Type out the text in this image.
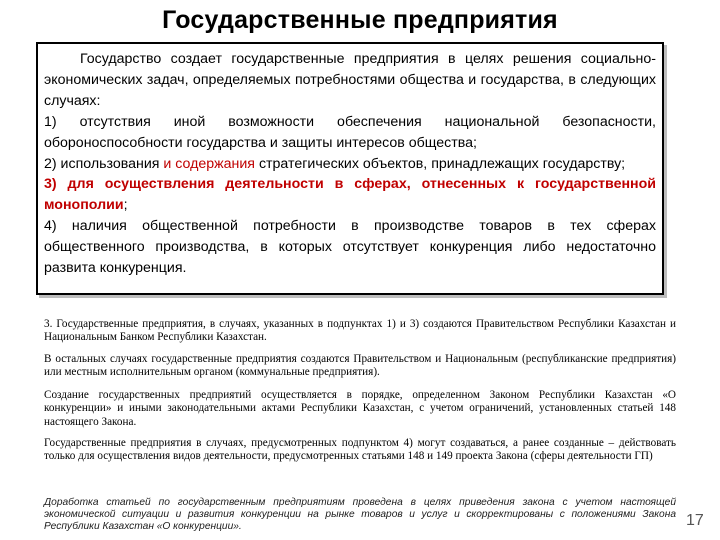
Государственные предприятия

Государство создает государственные предприятия в целях решения социально-экономических задач, определяемых потребностями общества и государства, в следующих случаях:

1) отсутствия иной возможности обеспечения национальной безопасности, обороноспособности государства и защиты интересов общества;

2) использования и содержания стратегических объектов, принадлежащих государству;

3) для осуществления деятельности в сферах, отнесенных к государственной монополии;

4) наличия общественной потребности в производстве товаров в тех сферах общественного производства, в которых отсутствует конкуренция либо недостаточно развита конкуренция.

3. Государственные предприятия, в случаях, указанных в подпунктах 1) и 3) создаются Правительством Республики Казахстан и Национальным Банком Республики Казахстан.
В остальных случаях государственные предприятия создаются Правительством и Национальным (республиканские предприятия) или местным исполнительным органом (коммунальные предприятия).
Создание государственных предприятий осуществляется в порядке, определенном Законом Республики Казахстан «О конкуренции» и иными законодательными актами Республики Казахстан, с учетом ограничений, установленных статьей 148 настоящего Закона.
Государственные предприятия в случаях, предусмотренных подпунктом 4) могут создаваться, а ранее созданные – действовать только для осуществления видов деятельности, предусмотренных статьями 148 и 149 проекта Закона (сферы деятельности ГП)
Доработка статьей по государственным предприятиям проведена в целях приведения закона с учетом настоящей экономической ситуации и развития конкуренции на рынке товаров и услуг и скорректированы с положениями Закона Республики Казахстан «О конкуренции».	17
